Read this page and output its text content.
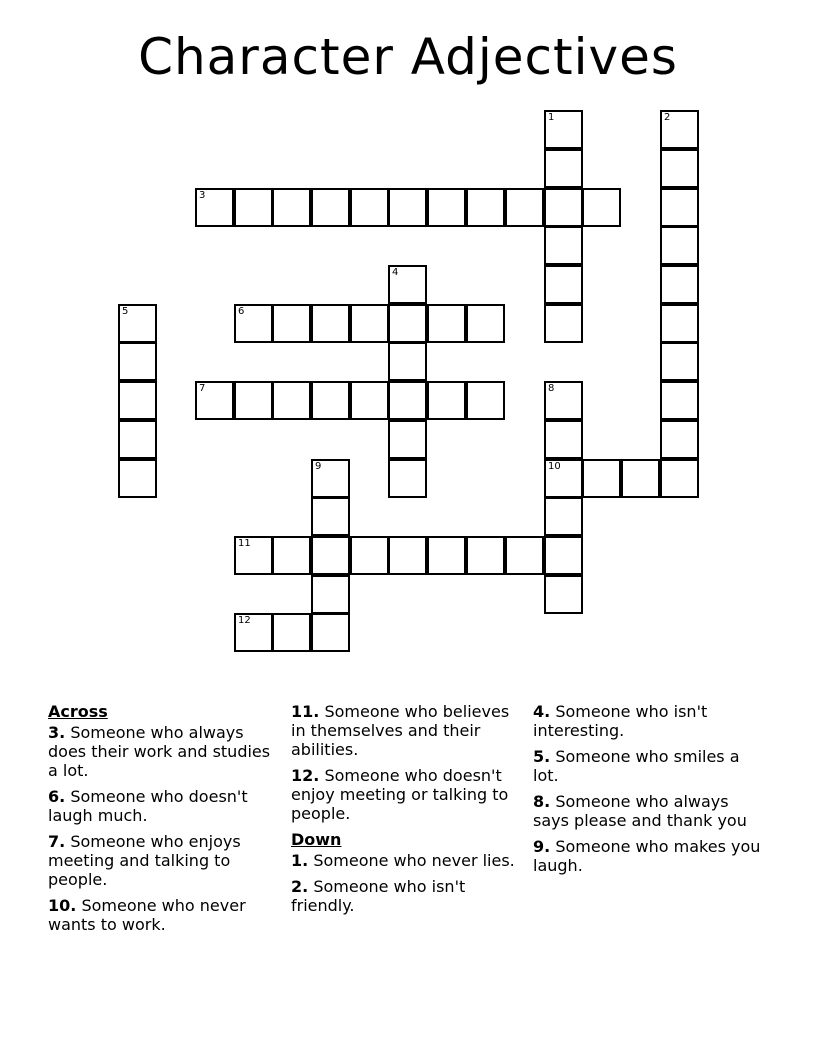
Character Adjectives
1	2
3
4
5	6
7	8
9	10
11
12
Across
3. Someone who always does their work and studies a lot.
6. Someone who doesn't laugh much.
7. Someone who enjoys meeting and talking to people.
10. Someone who never wants to work.
11. Someone who believes in themselves and their abilities.
12. Someone who doesn't enjoy meeting or talking to people.
Down
1. Someone who never lies.
2. Someone who isn't friendly.
4. Someone who isn't interesting.
5. Someone who smiles a lot.
8. Someone who always says please and thank you
9. Someone who makes you laugh.
